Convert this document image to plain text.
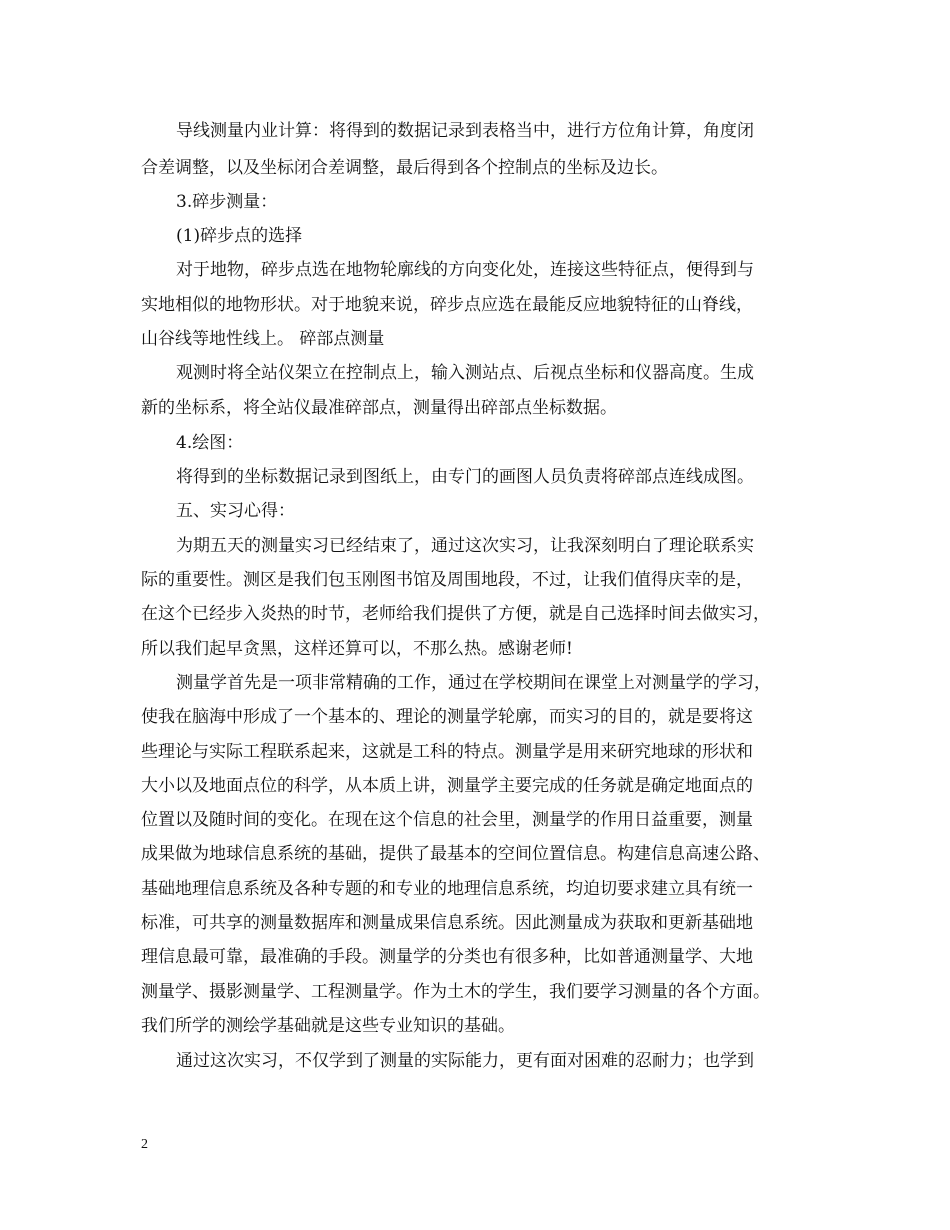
导线测量内业计算：将得到的数据记录到表格当中，进行方位角计算，角度闭
合差调整，以及坐标闭合差调整，最后得到各个控制点的坐标及边长。
3.碎步测量：
(1)碎步点的选择
对于地物，碎步点选在地物轮廓线的方向变化处，连接这些特征点，便得到与
实地相似的地物形状。对于地貌来说，碎步点应选在最能反应地貌特征的山脊线，
山谷线等地性线上。 碎部点测量
观测时将全站仪架立在控制点上，输入测站点、后视点坐标和仪器高度。生成
新的坐标系，将全站仪最准碎部点，测量得出碎部点坐标数据。
4.绘图：
将得到的坐标数据记录到图纸上，由专门的画图人员负责将碎部点连线成图。
五、实习心得：
为期五天的测量实习已经结束了，通过这次实习，让我深刻明白了理论联系实
际的重要性。测区是我们包玉刚图书馆及周围地段，不过，让我们值得庆幸的是，
在这个已经步入炎热的时节，老师给我们提供了方便，就是自己选择时间去做实习，
所以我们起早贪黑，这样还算可以，不那么热。感谢老师!
测量学首先是一项非常精确的工作，通过在学校期间在课堂上对测量学的学习，
使我在脑海中形成了一个基本的、理论的测量学轮廓，而实习的目的，就是要将这
些理论与实际工程联系起来，这就是工科的特点。测量学是用来研究地球的形状和
大小以及地面点位的科学，从本质上讲，测量学主要完成的任务就是确定地面点的
位置以及随时间的变化。在现在这个信息的社会里，测量学的作用日益重要，测量
成果做为地球信息系统的基础，提供了最基本的空间位置信息。构建信息高速公路、
基础地理信息系统及各种专题的和专业的地理信息系统，均迫切要求建立具有统一
标准，可共享的测量数据库和测量成果信息系统。因此测量成为获取和更新基础地
理信息最可靠，最准确的手段。测量学的分类也有很多种，比如普通测量学、大地
测量学、摄影测量学、工程测量学。作为土木的学生，我们要学习测量的各个方面。
我们所学的测绘学基础就是这些专业知识的基础。
通过这次实习，不仅学到了测量的实际能力，更有面对困难的忍耐力；也学到
2
